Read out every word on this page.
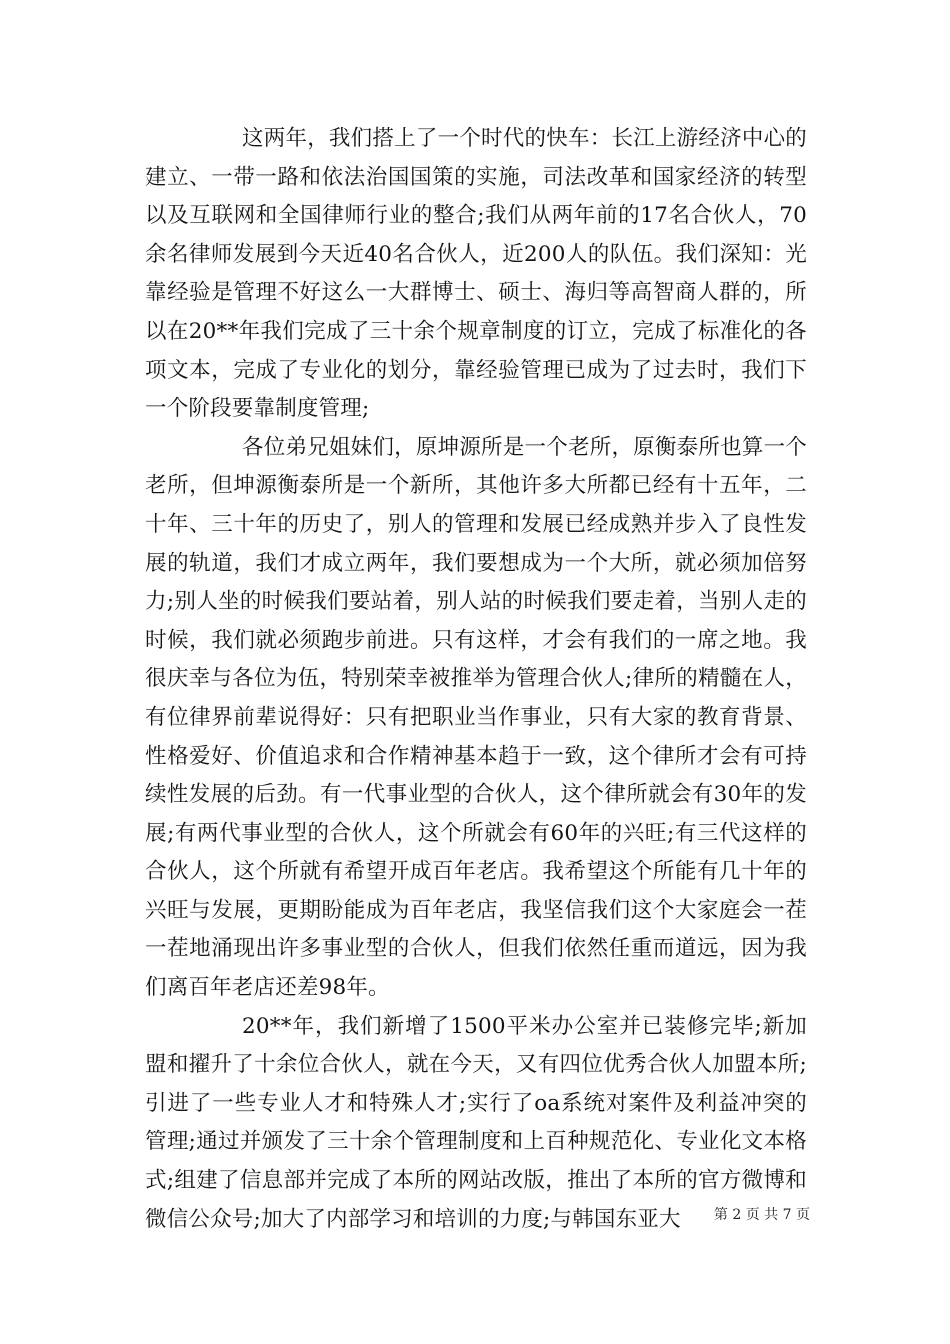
这两年，我们搭上了一个时代的快车：长江上游经济中心的建立、一带一路和依法治国国策的实施，司法改革和国家经济的转型以及互联网和全国律师行业的整合;我们从两年前的17名合伙人，70余名律师发展到今天近40名合伙人，近200人的队伍。我们深知：光靠经验是管理不好这么一大群博士、硕士、海归等高智商人群的，所以在20**年我们完成了三十余个规章制度的订立，完成了标准化的各项文本，完成了专业化的划分，靠经验管理已成为了过去时，我们下一个阶段要靠制度管理;

各位弟兄姐妹们，原坤源所是一个老所，原衡泰所也算一个老所，但坤源衡泰所是一个新所，其他许多大所都已经有十五年，二十年、三十年的历史了，别人的管理和发展已经成熟并步入了良性发展的轨道，我们才成立两年，我们要想成为一个大所，就必须加倍努力;别人坐的时候我们要站着，别人站的时候我们要走着，当别人走的时候，我们就必须跑步前进。只有这样，才会有我们的一席之地。我很庆幸与各位为伍，特别荣幸被推举为管理合伙人;律所的精髓在人，有位律界前辈说得好：只有把职业当作事业，只有大家的教育背景、性格爱好、价值追求和合作精神基本趋于一致，这个律所才会有可持续性发展的后劲。有一代事业型的合伙人，这个律所就会有30年的发展;有两代事业型的合伙人，这个所就会有60年的兴旺;有三代这样的合伙人，这个所就有希望开成百年老店。我希望这个所能有几十年的兴旺与发展，更期盼能成为百年老店，我坚信我们这个大家庭会一茬一茬地涌现出许多事业型的合伙人，但我们依然任重而道远，因为我们离百年老店还差98年。

20**年，我们新增了1500平米办公室并已装修完毕;新加盟和擢升了十余位合伙人，就在今天，又有四位优秀合伙人加盟本所;引进了一些专业人才和特殊人才;实行了oa系统对案件及利益冲突的管理;通过并颁发了三十余个管理制度和上百种规范化、专业化文本格式;组建了信息部并完成了本所的网站改版，推出了本所的官方微博和微信公众号;加大了内部学习和培训的力度;与韩国东亚大	第 2 页 共 7 页
